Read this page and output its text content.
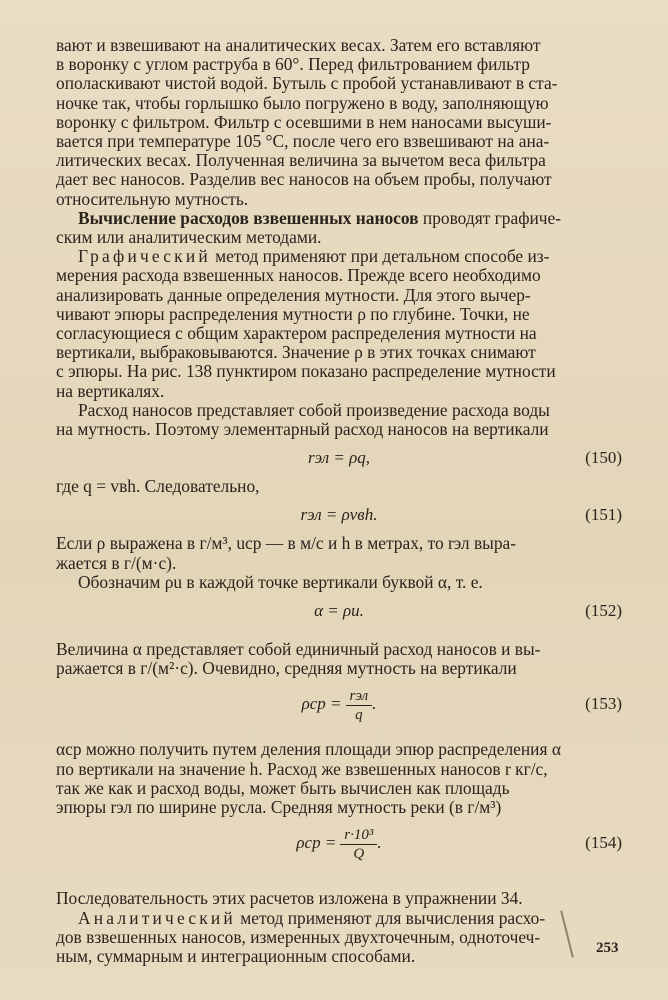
вают и взвешивают на аналитических весах. Затем его вставляют

в воронку с углом раструба в 60°. Перед фильтрованием фильтр

ополаскивают чистой водой. Бутыль с пробой устанавливают в ста-

ночке так, чтобы горлышко было погружено в воду, заполняющую

воронку с фильтром. Фильтр с осевшими в нем наносами высуши-

вается при температуре 105 °С, после чего его взвешивают на ана-

литических весах. Полученная величина за вычетом веса фильтра

дает вес наносов. Разделив вес наносов на объем пробы, получают

относительную мутность.

Вычисление расходов взвешенных наносов проводят графиче-

ским или аналитическим методами.

Графический метод применяют при детальном способе из-

мерения расхода взвешенных наносов. Прежде всего необходимо

анализировать данные определения мутности. Для этого вычер-

чивают эпюры распределения мутности ρ по глубине. Точки, не

согласующиеся с общим характером распределения мутности на

вертикали, выбраковываются. Значение ρ в этих точках снимают

с эпюры. На рис. 138 пунктиром показано распределение мутности

на вертикалях.

Расход наносов представляет собой произведение расхода воды

на мутность. Поэтому элементарный расход наносов на вертикали

rэл = ρq,	(150)

где q = vвh. Следовательно,

rэл = ρvвh.	(151)

Если ρ выражена в г/м³, uср — в м/с и h в метрах, то rэл выра-

жается в г/(м·с).

Обозначим ρu в каждой точке вертикали буквой α, т. е.

α = ρu.	(152)

Величина α представляет собой единичный расход наносов и вы-

ражается в г/(м²·с). Очевидно, средняя мутность на вертикали

$\rho ср = \frac{\text{rэл}}{q}$ .	(153)

αср можно получить путем деления площади эпюр распределения α

по вертикали на значение h. Расход же взвешенных наносов r кг/с,

так же как и расход воды, может быть вычислен как площадь

эпюры rэл по ширине русла. Средняя мутность реки (в г/м³)

$\rho ср = \frac{\text{r·10³}}{Q}$ .	(154)

Последовательность этих расчетов изложена в упражнении 34.

Аналитический метод применяют для вычисления расхо-

дов взвешенных наносов, измеренных двухточечным, одноточеч-

ным, суммарным и интеграционным способами.	253
